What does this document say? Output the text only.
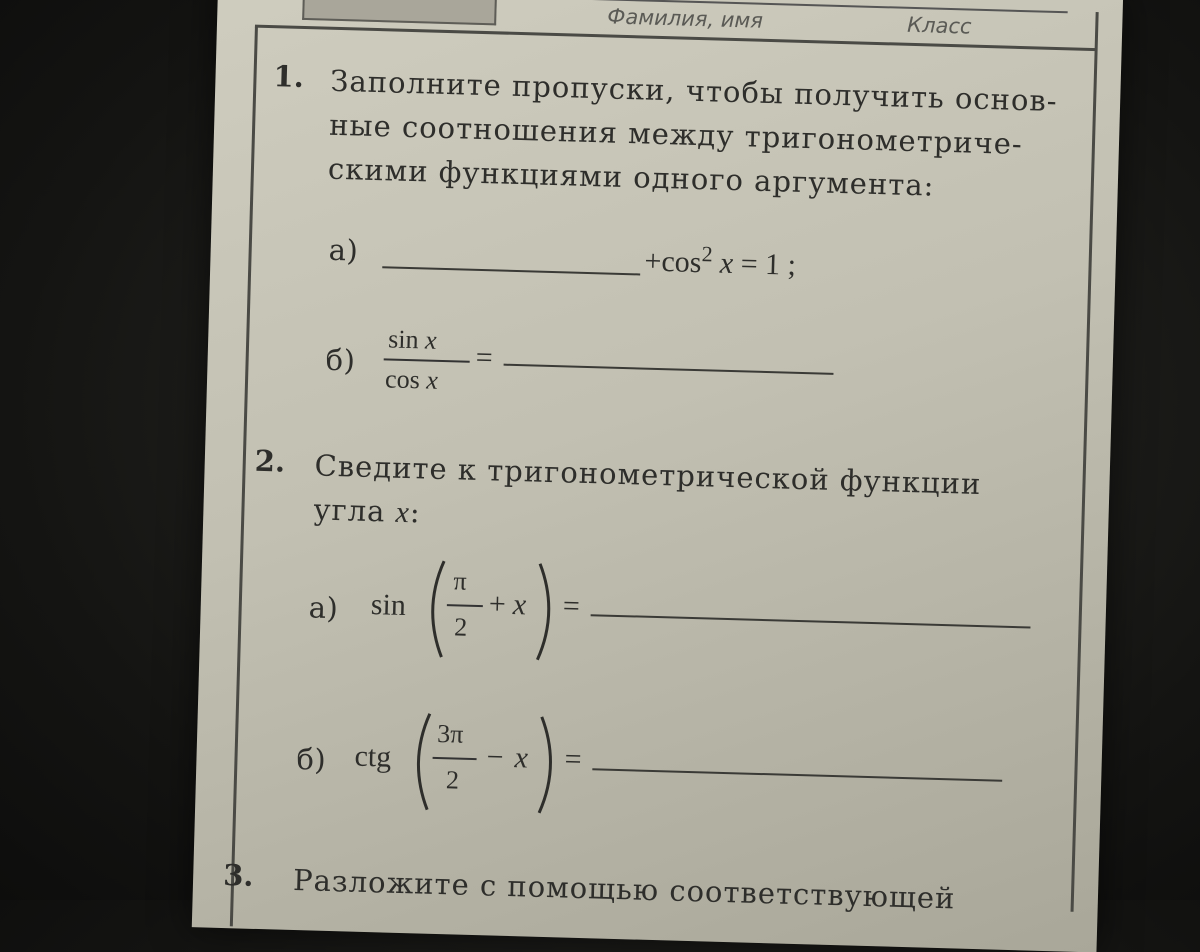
Фамилия, имя	Класс
1. Заполните пропуски, чтобы получить основ-
ные соотношения между тригонометриче-
скими функциями одного аргумента:
а)	$+\cos^2$ x = 1 ;
б)
sin x
cos x
=
2. Сведите к тригонометрической функции
угла x:
а) sin
π
2
+ x =
б) ctg
3π
2
− x =
3. Разложите с помощью соответствующей
